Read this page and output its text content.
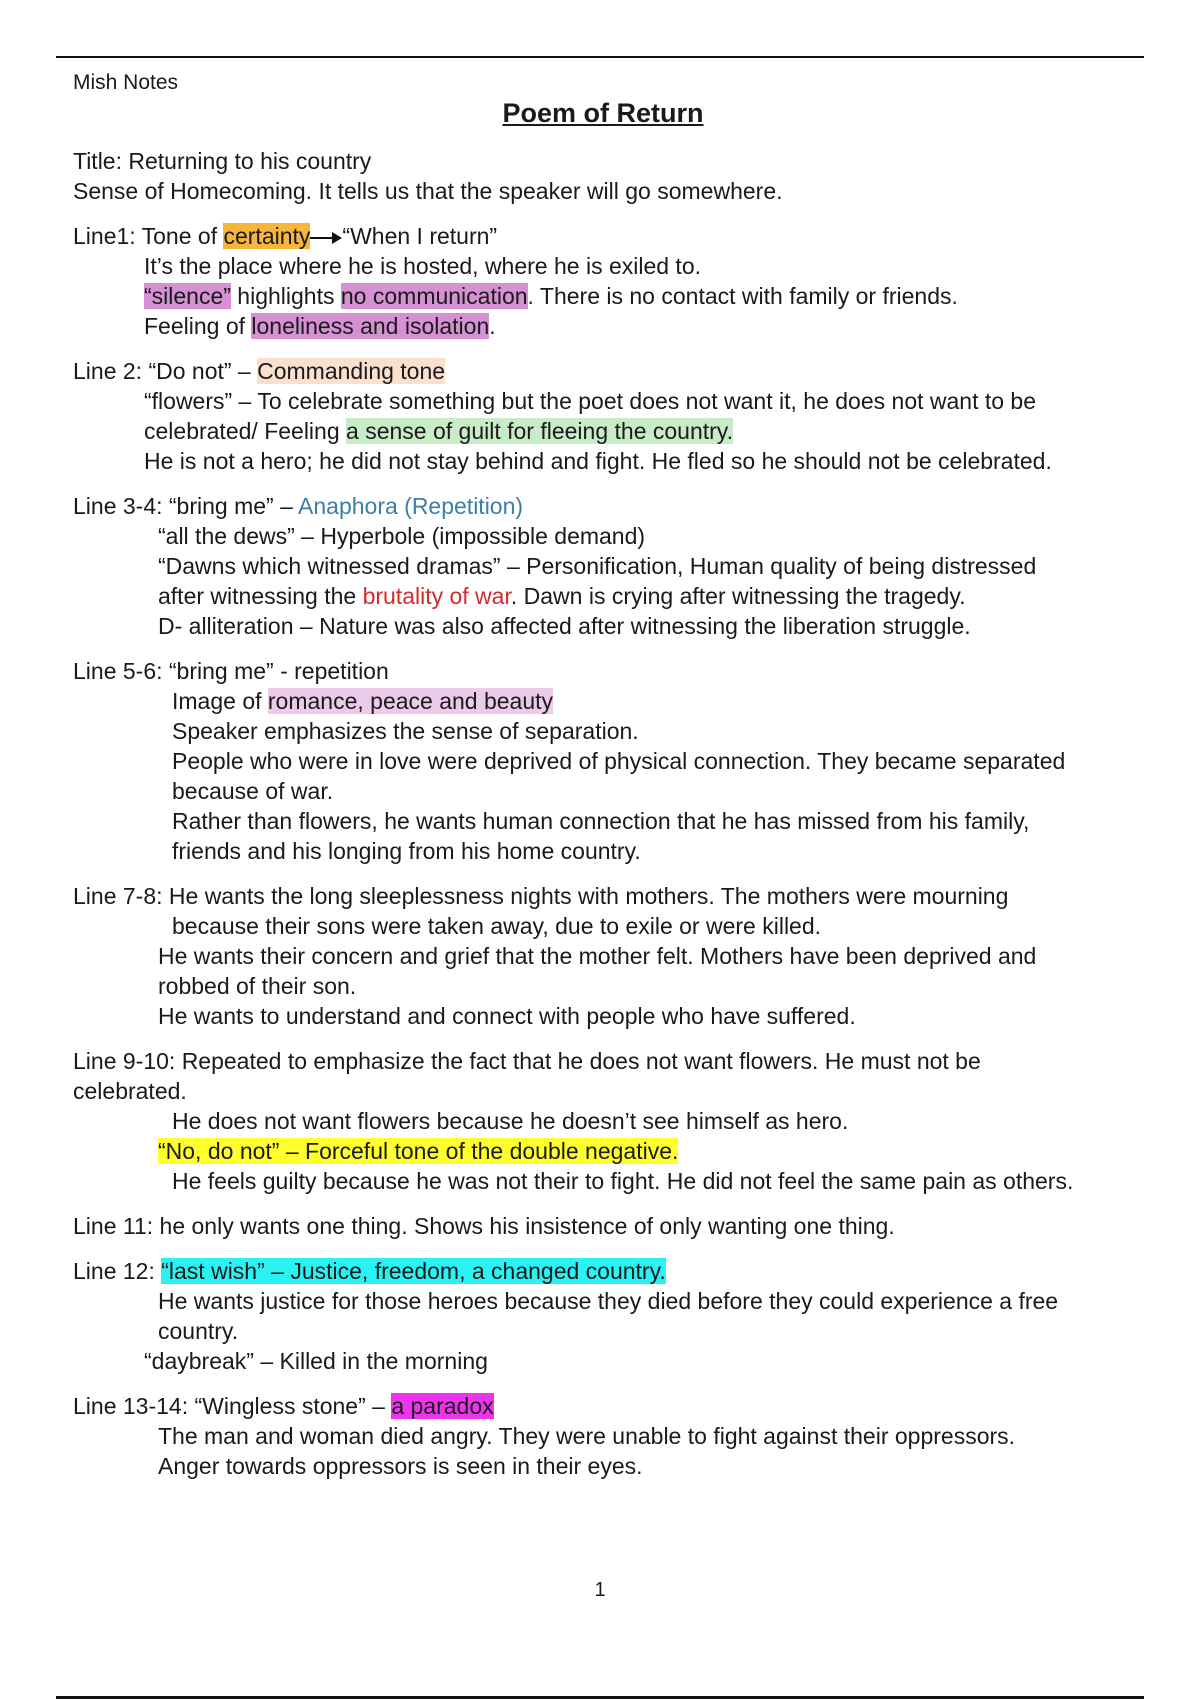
Mish Notes
Poem of Return
Title: Returning to his country
Sense of Homecoming. It tells us that the speaker will go somewhere.
Line1: Tone of certainty “When I return”
It’s the place where he is hosted, where he is exiled to.
“silence” highlights no communication. There is no contact with family or friends.
Feeling of loneliness and isolation.
Line 2: “Do not” – Commanding tone
“flowers” – To celebrate something but the poet does not want it, he does not want to be
celebrated/ Feeling a sense of guilt for fleeing the country.
He is not a hero; he did not stay behind and fight. He fled so he should not be celebrated.
Line 3-4: “bring me” – Anaphora (Repetition)
“all the dews” – Hyperbole (impossible demand)
“Dawns which witnessed dramas” – Personification, Human quality of being distressed
after witnessing the brutality of war. Dawn is crying after witnessing the tragedy.
D- alliteration – Nature was also affected after witnessing the liberation struggle.
Line 5-6: “bring me” - repetition
Image of romance, peace and beauty
Speaker emphasizes the sense of separation.
People who were in love were deprived of physical connection. They became separated
because of war.
Rather than flowers, he wants human connection that he has missed from his family,
friends and his longing from his home country.
Line 7-8: He wants the long sleeplessness nights with mothers. The mothers were mourning
because their sons were taken away, due to exile or were killed.
He wants their concern and grief that the mother felt. Mothers have been deprived and
robbed of their son.
He wants to understand and connect with people who have suffered.
Line 9-10: Repeated to emphasize the fact that he does not want flowers. He must not be
celebrated.
He does not want flowers because he doesn’t see himself as hero.
“No, do not” – Forceful tone of the double negative.
He feels guilty because he was not their to fight. He did not feel the same pain as others.
Line 11: he only wants one thing. Shows his insistence of only wanting one thing.
Line 12: “last wish” – Justice, freedom, a changed country.
He wants justice for those heroes because they died before they could experience a free
country.
“daybreak” – Killed in the morning
Line 13-14: “Wingless stone” – a paradox
The man and woman died angry. They were unable to fight against their oppressors.
Anger towards oppressors is seen in their eyes.
1
